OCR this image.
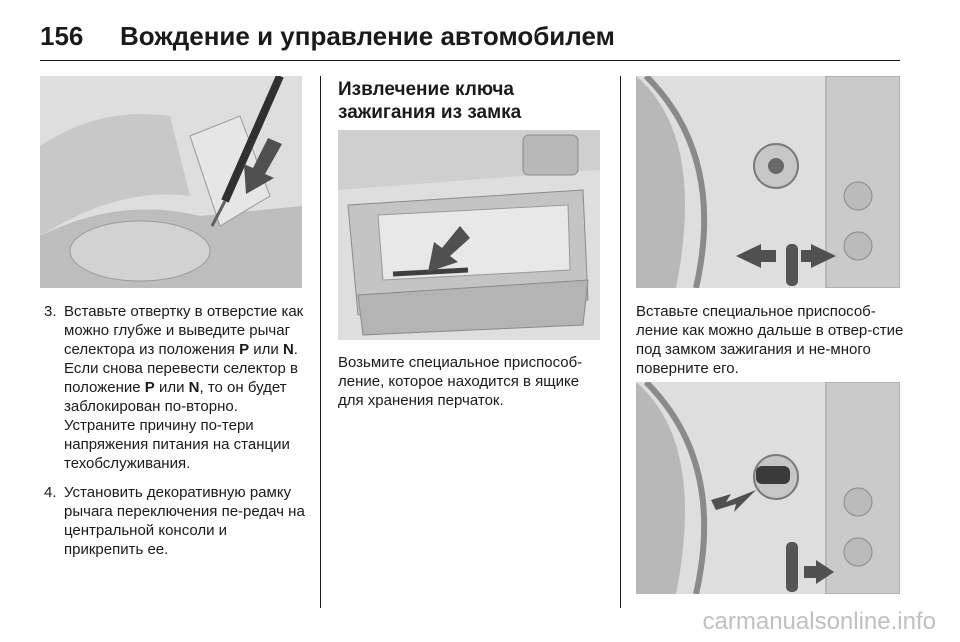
156	Вождение и управление автомобилем
3. Вставьте отвертку в отверстие как можно глубже и выведите рычаг селектора из положения P или N. Если снова перевести селектор в положение P или N, то он будет заблокирован по-вторно. Устраните причину по-тери напряжения питания на станции техобслуживания.
4. Установить декоративную рамку рычага переключения пе-редач на центральной консоли и прикрепить ее.
Извлечение ключа зажигания из замка

Возьмите специальное приспособ-ление, которое находится в ящике для хранения перчаток.

Вставьте специальное приспособ-ление как можно дальше в отвер-стие под замком зажигания и не-много поверните его.

carmanualsonline.info
